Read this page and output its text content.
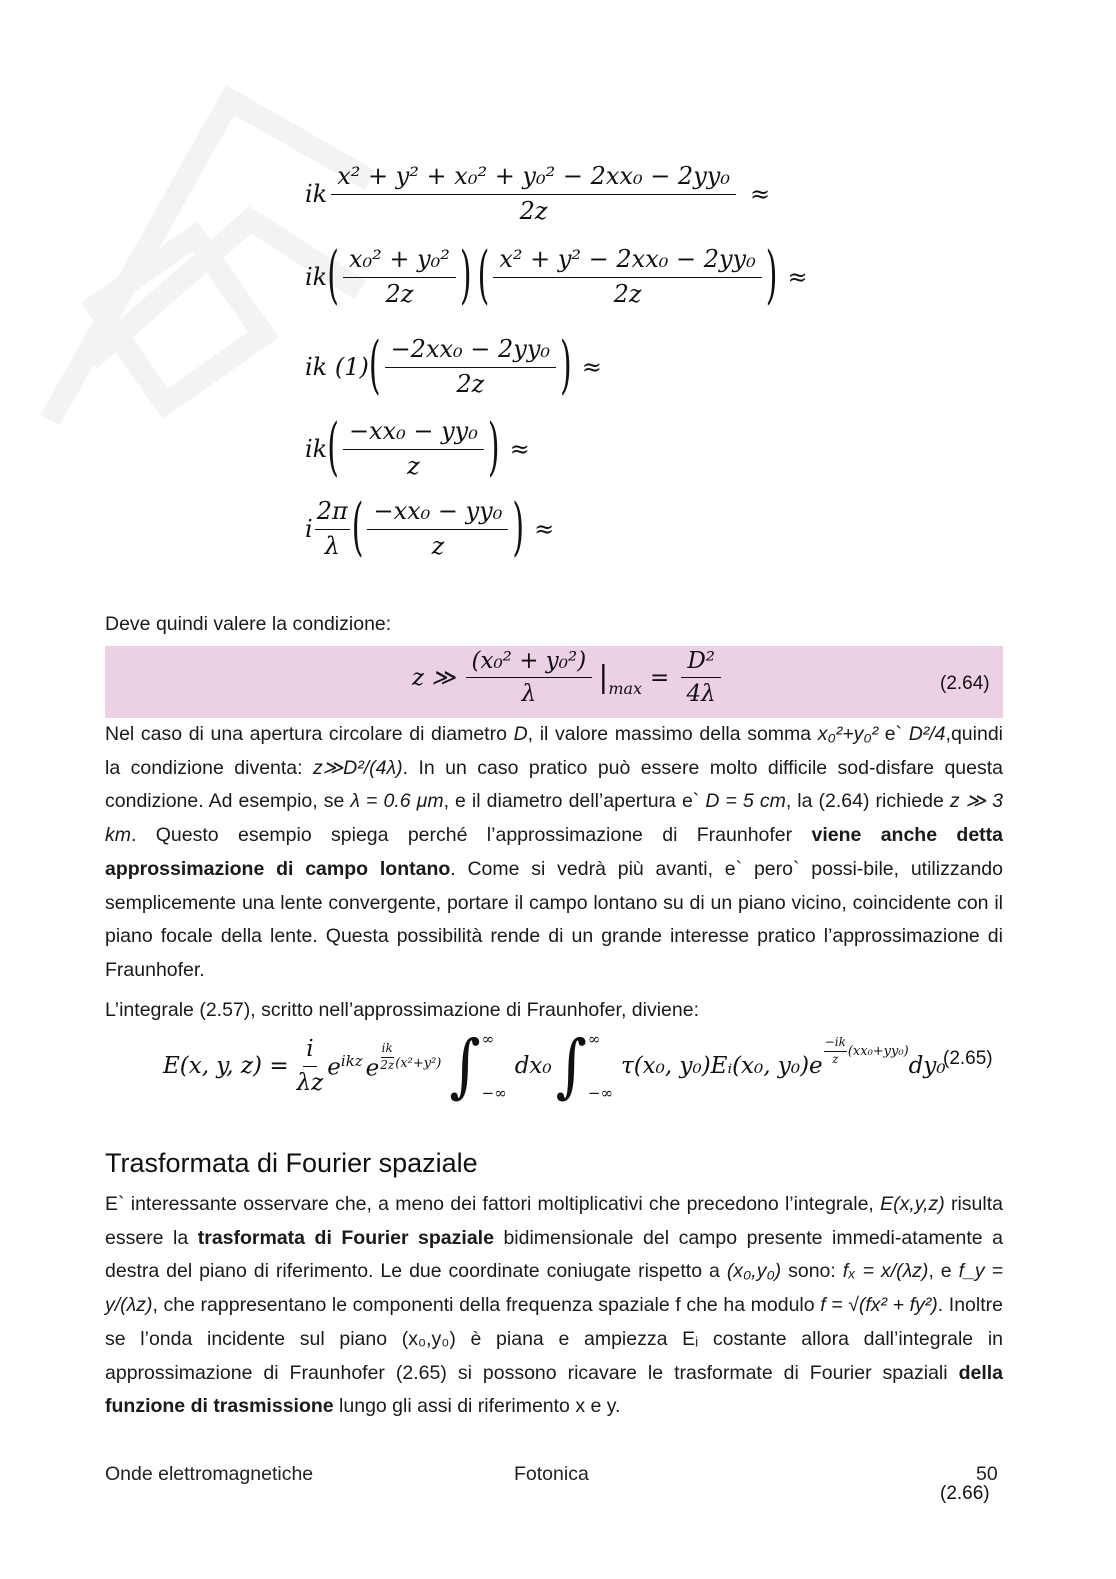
ik $\frac{\text{x² + y² + x₀² + y₀² − 2xx₀ − 2yy₀}}{2z}$ ≈
ik ( $\frac{\text{x₀² + y₀²}}{2z}$ ) ( $\frac{\text{x² + y² − 2xx₀ − 2yy₀}}{2z}$ ) ≈
ik (1) ( $\frac{\text{−2xx₀ − 2yy₀}}{2z}$ ) ≈
ik ( $\frac{\text{−xx₀ − yy₀}}{z}$ ) ≈
i $\frac{2\pi}{\lambda}$ ( $\frac{\text{−xx₀ − yy₀}}{z}$ ) ≈

Deve quindi valere la condizione:

z ≫ $\frac{\text{(x₀² + y₀²)}}{\lambda}$ | $\max = \frac{\text{D²}}{4\lambda}$	(2.64)

Nel caso di una apertura circolare di diametro D, il valore massimo della somma x₀²+y₀² e` D²/4,quindi la condizione diventa: z≫D²/(4λ). In un caso pratico può essere molto difficile sod-disfare questa condizione. Ad esempio, se λ = 0.6 μm, e il diametro dell’apertura e` D = 5 cm, la (2.64) richiede z ≫ 3 km. Questo esempio spiega perché l’approssimazione di Fraunhofer viene anche detta approssimazione di campo lontano. Come si vedrà più avanti, e` pero` possi-bile, utilizzando semplicemente una lente convergente, portare il campo lontano su di un piano vicino, coincidente con il piano focale della lente. Questa possibilità rende di un grande interesse pratico l’approssimazione di Fraunhofer.

L’integrale (2.57), scritto nell’approssimazione di Fraunhofer, diviene:

E(x, y, $z) = \frac{i}{\lambda z} e^{ikz}$ e $^{\frac{ik}{2z} (x^2+y^2)}$ ∫ ∞
−∞
dx₀ ∫ ∞
−∞
τ(x₀, y₀)Eᵢ(x₀, y₀)e $^{\frac{-ik}{z} (xx_0+yy_0)}$
dy₀
(2.65)
Trasformata di Fourier spaziale

E` interessante osservare che, a meno dei fattori moltiplicativi che precedono l’integrale, E(x,y,z) risulta essere la trasformata di Fourier spaziale bidimensionale del campo presente immedi-atamente a destra del piano di riferimento. Le due coordinate coniugate rispetto a (x₀,y₀) sono: fₓ = x/(λz), e f_y = y/(λz), che rappresentano le componenti della frequenza spaziale f che ha modulo f = √(fx² + fy²). Inoltre se l’onda incidente sul piano (x₀,y₀) è piana e ampiezza Eᵢ costante allora dall’integrale in approssimazione di Fraunhofer (2.65) si possono ricavare le trasformate di Fourier spaziali della funzione di trasmissione lungo gli assi di riferimento x e y.

Onde elettromagnetiche	Fotonica	50
(2.66)
